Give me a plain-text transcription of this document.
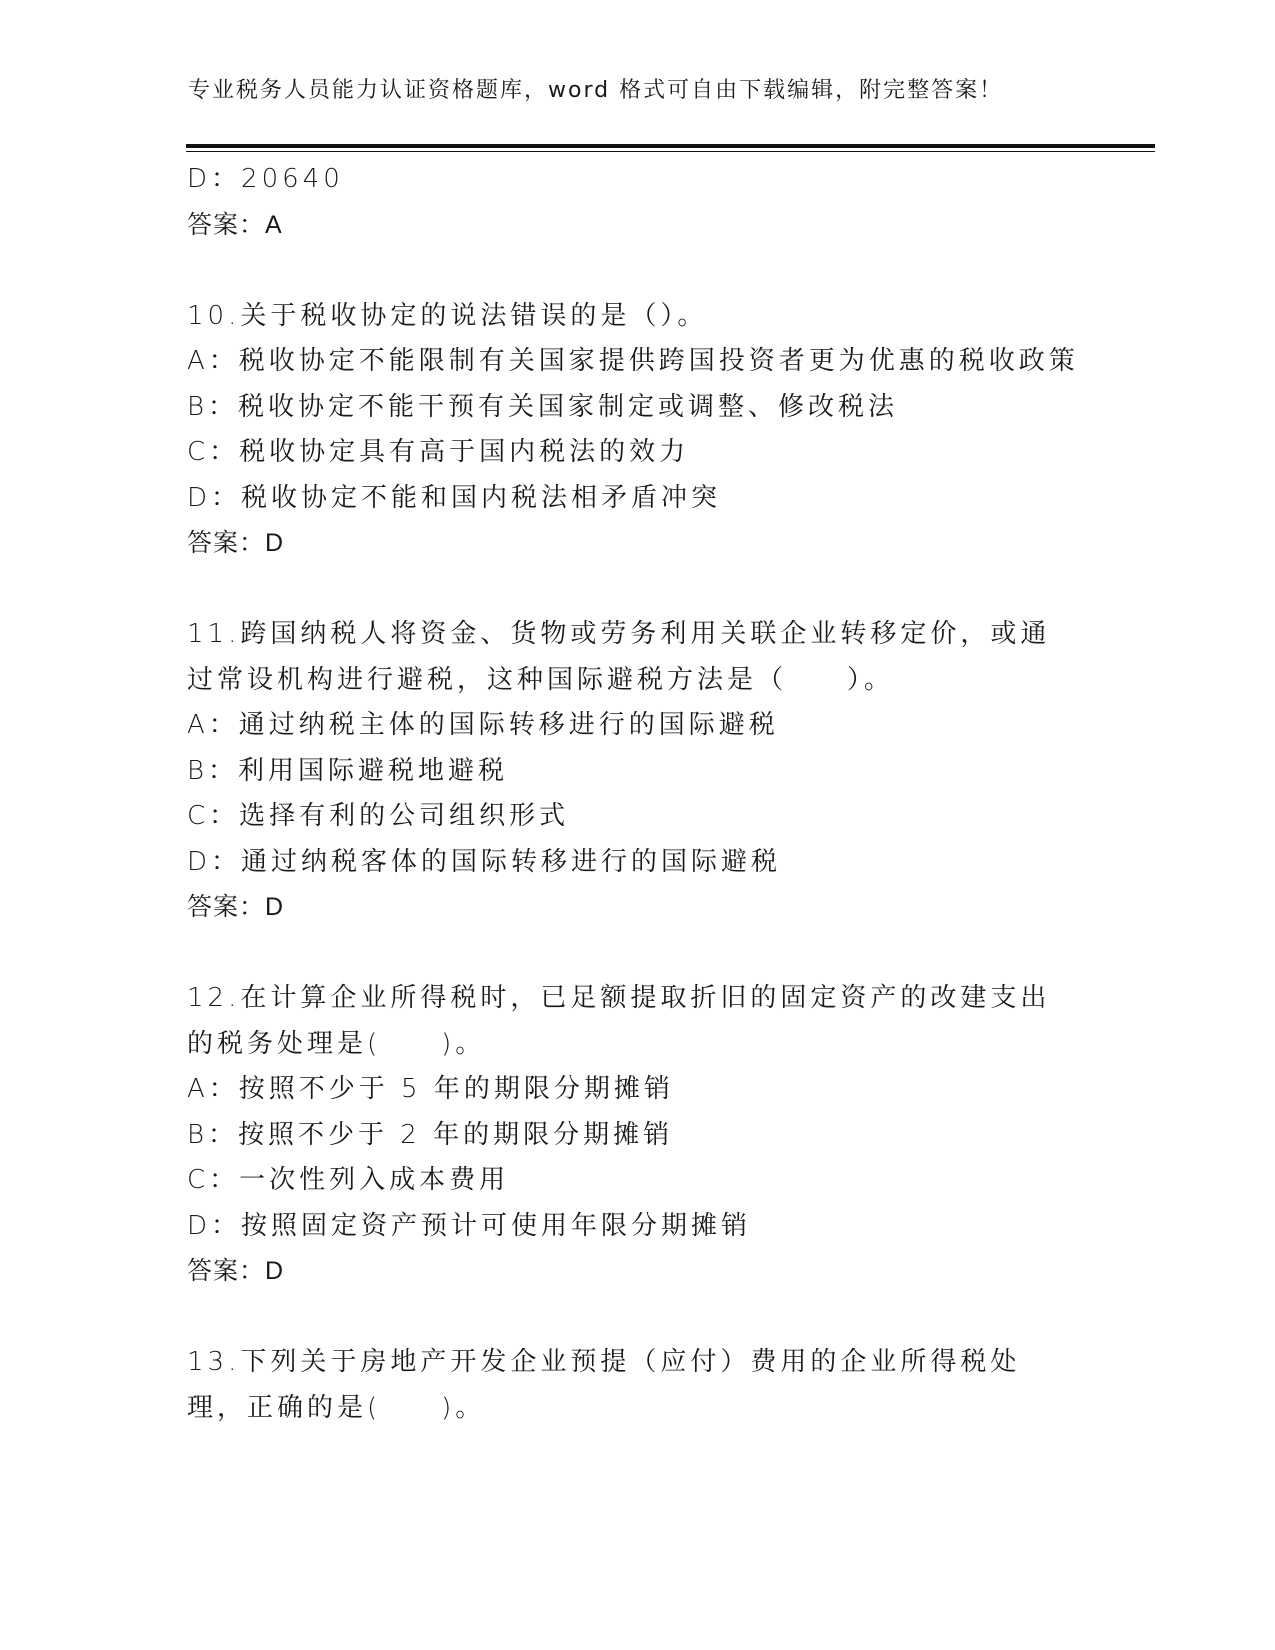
专业税务人员能力认证资格题库，word 格式可自由下载编辑，附完整答案！
D：20640
答案：A
10.关于税收协定的说法错误的是（）。
A：税收协定不能限制有关国家提供跨国投资者更为优惠的税收政策
B：税收协定不能干预有关国家制定或调整、修改税法
C：税收协定具有高于国内税法的效力
D：税收协定不能和国内税法相矛盾冲突
答案：D
11.跨国纳税人将资金、货物或劳务利用关联企业转移定价，或通过常设机构进行避税，这种国际避税方法是（　　）。
A：通过纳税主体的国际转移进行的国际避税
B：利用国际避税地避税
C：选择有利的公司组织形式
D：通过纳税客体的国际转移进行的国际避税
答案：D
12.在计算企业所得税时，已足额提取折旧的固定资产的改建支出的税务处理是(　　)。
A：按照不少于 5 年的期限分期摊销
B：按照不少于 2 年的期限分期摊销
C：一次性列入成本费用
D：按照固定资产预计可使用年限分期摊销
答案：D
13.下列关于房地产开发企业预提（应付）费用的企业所得税处理，正确的是(　　)。
